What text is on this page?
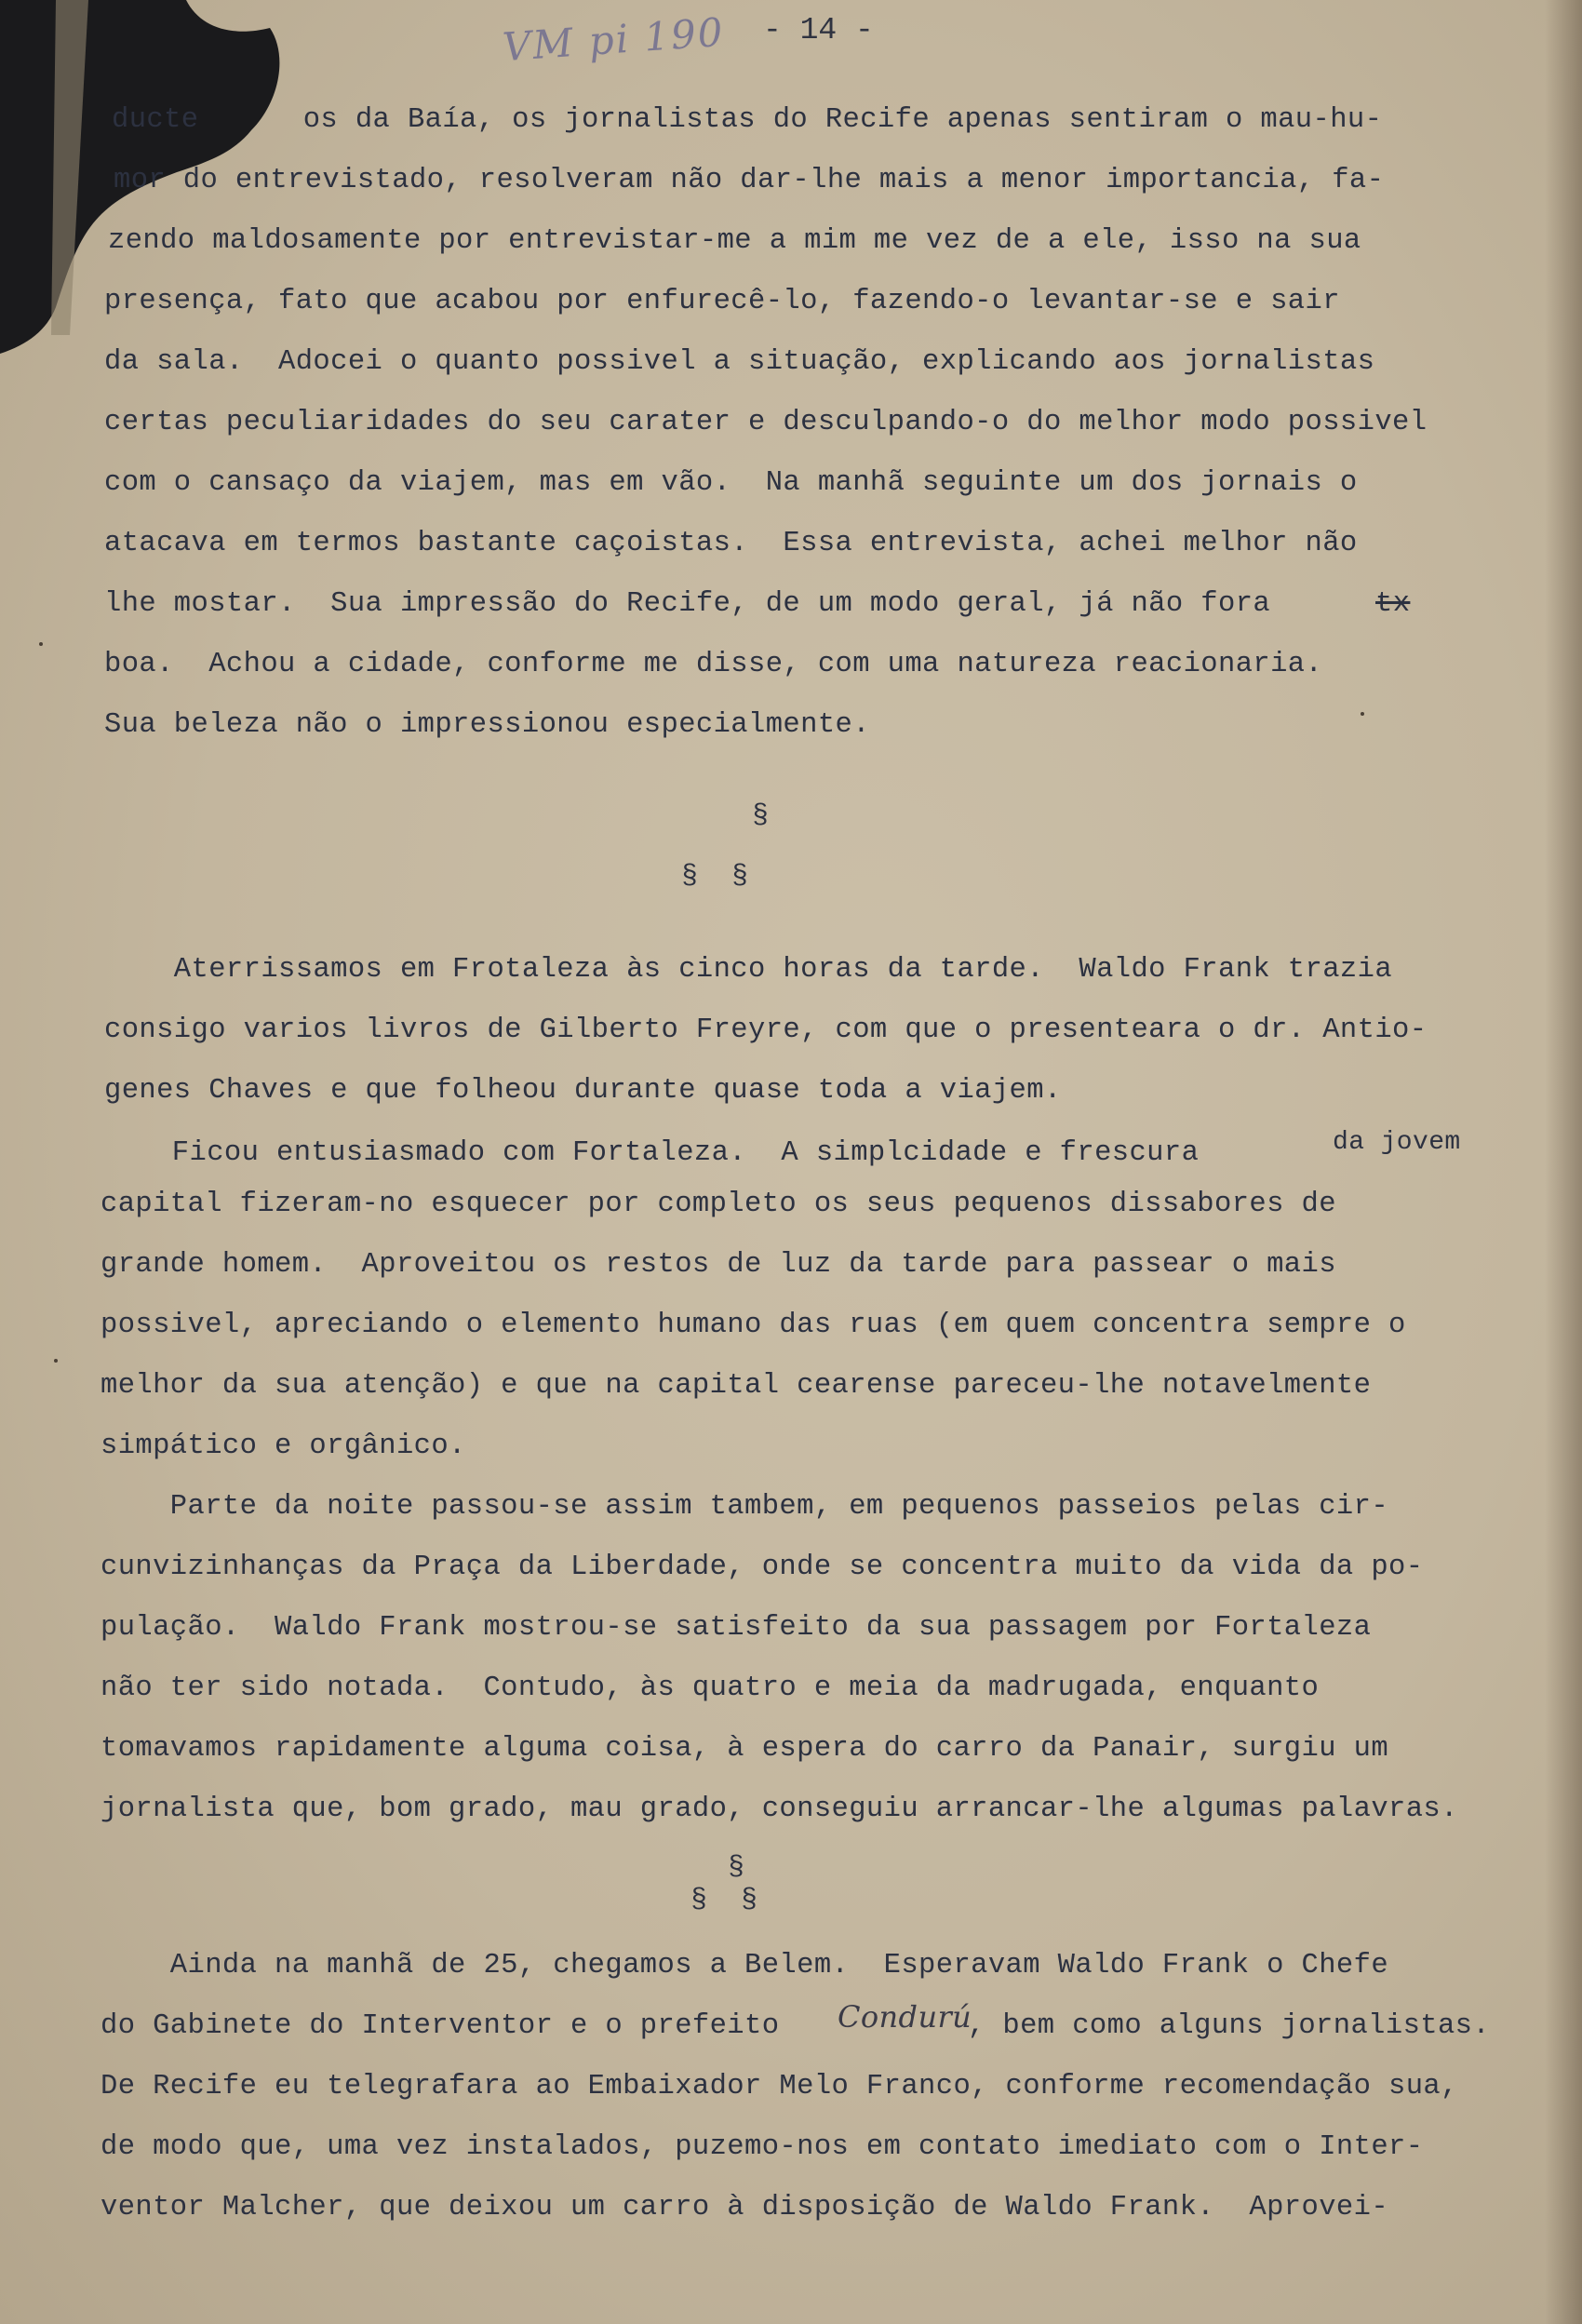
VM pi 190 - 14 -
ducte      os da Baía, os jornalistas do Recife apenas sentiram o mau-hu-
mor do entrevistado, resolveram não dar-lhe mais a menor importancia, fa-
zendo maldosamente por entrevistar-me a mim me vez de a ele, isso na sua
presença, fato que acabou por enfurecê-lo, fazendo-o levantar-se e sair
da sala.  Adocei o quanto possivel a situação, explicando aos jornalistas
certas peculiaridades do seu carater e desculpando-o do melhor modo possivel
com o cansaço da viajem, mas em vão.  Na manhã seguinte um dos jornais o
atacava em termos bastante caçoistas.  Essa entrevista, achei melhor não
lhe mostar.  Sua impressão do Recife, de um modo geral, já não fora	tx
boa.  Achou a cidade, conforme me disse, com uma natureza reacionaria.
Sua beleza não o impressionou especialmente.
§
§  §
Aterrissamos em Frotaleza às cinco horas da tarde.  Waldo Frank trazia
consigo varios livros de Gilberto Freyre, com que o presenteara o dr. Antio-
genes Chaves e que folheou durante quase toda a viajem.
Ficou entusiasmado com Fortaleza.  A simplcidade e frescura	da jovem
capital fizeram-no esquecer por completo os seus pequenos dissabores de
grande homem.  Aproveitou os restos de luz da tarde para passear o mais
possivel, apreciando o elemento humano das ruas (em quem concentra sempre o
melhor da sua atenção) e que na capital cearense pareceu-lhe notavelmente
simpático e orgânico.
Parte da noite passou-se assim tambem, em pequenos passeios pelas cir-
cunvizinhanças da Praça da Liberdade, onde se concentra muito da vida da po-
pulação.  Waldo Frank mostrou-se satisfeito da sua passagem por Fortaleza
não ter sido notada.  Contudo, às quatro e meia da madrugada, enquanto
tomavamos rapidamente alguma coisa, à espera do carro da Panair, surgiu um
jornalista que, bom grado, mau grado, conseguiu arrancar-lhe algumas palavras.
§
§  §
Ainda na manhã de 25, chegamos a Belem.  Esperavam Waldo Frank o Chefe
do Gabinete do Interventor e o prefeito Condurú
, bem como alguns jornalistas.
De Recife eu telegrafara ao Embaixador Melo Franco, conforme recomendação sua,
de modo que, uma vez instalados, puzemo-nos em contato imediato com o Inter-
ventor Malcher, que deixou um carro à disposição de Waldo Frank.  Aprovei-
